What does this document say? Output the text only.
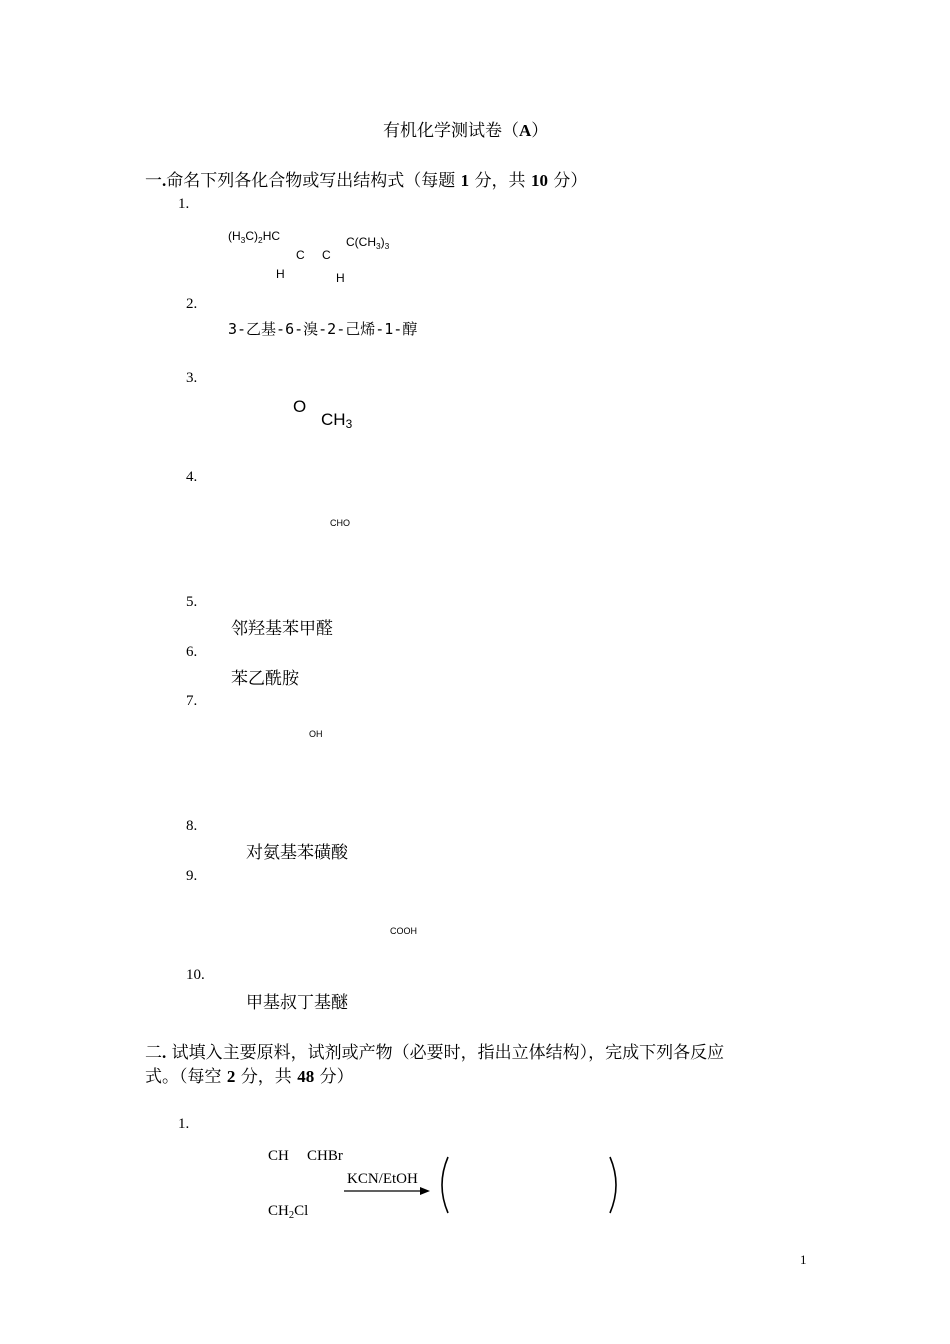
有机化学测试卷（A）
一.命名下列各化合物或写出结构式（每题 1 分，共 10 分）
1.
$(H_3C)_2HC$	$C(CH_3)_3$
C C
H	H
2.
3-乙基-6-溴-2-己烯-1-醇
3.
O
$CH_3$
4.
CHO
5.
邻羟基苯甲醛
6.
苯乙酰胺
7.
OH
8.
对氨基苯磺酸
9.
COOH
10.
甲基叔丁基醚
二. 试填入主要原料，试剂或产物（必要时，指出立体结构），完成下列各反应
式。（每空 2 分，共 48 分）
1.
CH CHBr
KCN/EtOH
$CH_2Cl$
1
